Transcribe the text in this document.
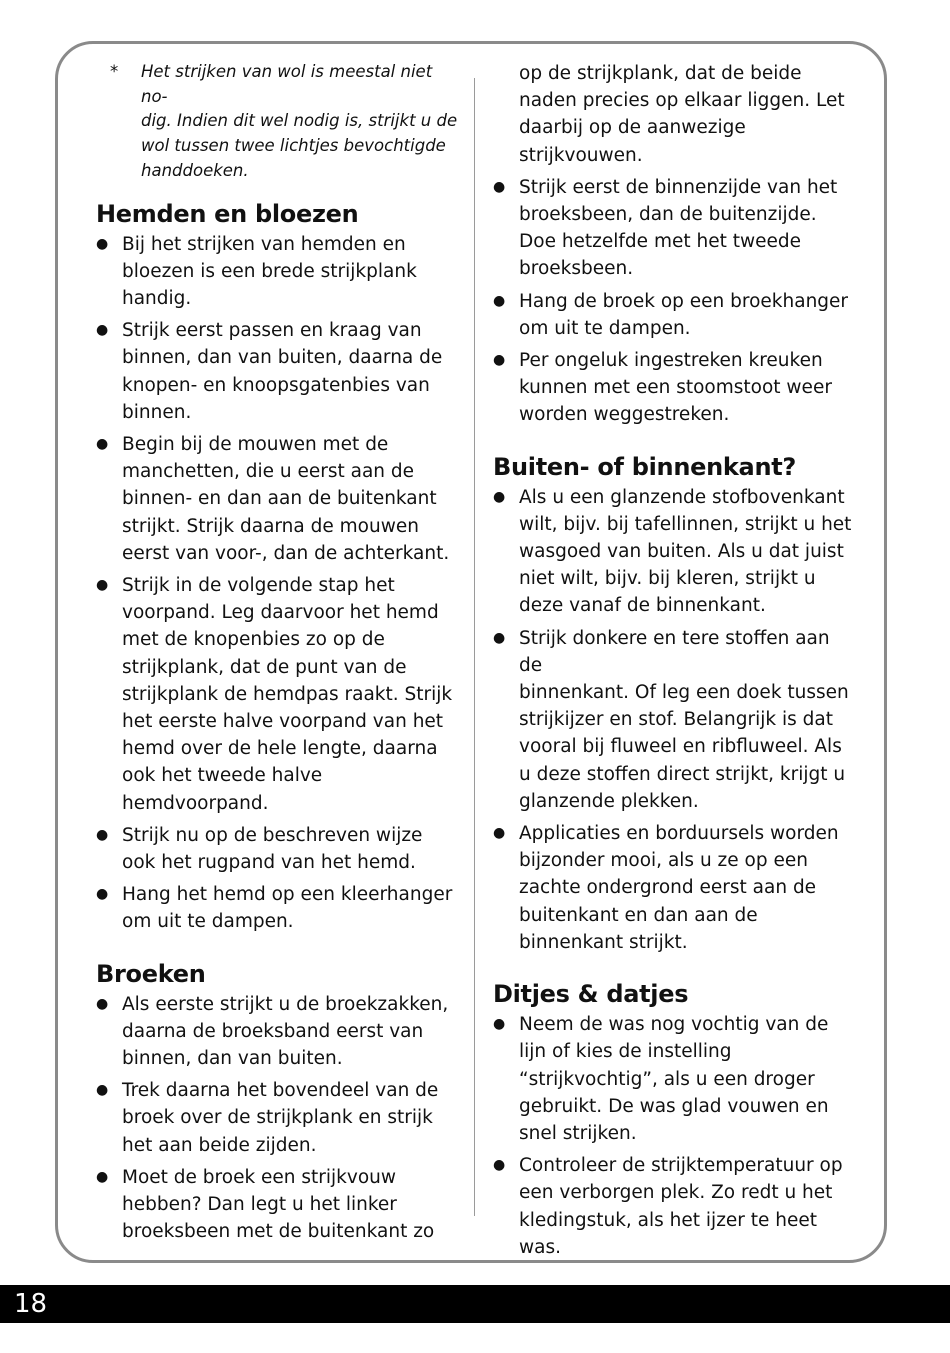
* Het strijken van wol is meestal niet no-
dig. Indien dit wel nodig is, strijkt u de
wol tussen twee lichtjes bevochtigde
handdoeken.
Hemden en bloezen
● Bij het strijken van hemden en
bloezen is een brede strijkplank
handig.
● Strijk eerst passen en kraag van
binnen, dan van buiten, daarna de
knopen- en knoopsgatenbies van
binnen.
● Begin bij de mouwen met de
manchetten, die u eerst aan de
binnen- en dan aan de buitenkant
strijkt. Strijk daarna de mouwen
eerst van voor-, dan de achterkant.
● Strijk in de volgende stap het
voorpand. Leg daarvoor het hemd
met de knopenbies zo op de
strijkplank, dat de punt van de
strijkplank de hemdpas raakt. Strijk
het eerste halve voorpand van het
hemd over de hele lengte, daarna
ook het tweede halve
hemdvoorpand.
● Strijk nu op de beschreven wijze
ook het rugpand van het hemd.
● Hang het hemd op een kleerhanger
om uit te dampen.
Broeken
● Als eerste strijkt u de broekzakken,
daarna de broeksband eerst van
binnen, dan van buiten.
● Trek daarna het bovendeel van de
broek over de strijkplank en strijk
het aan beide zijden.
● Moet de broek een strijkvouw
hebben? Dan legt u het linker
broeksbeen met de buitenkant zo
op de strijkplank, dat de beide
naden precies op elkaar liggen. Let
daarbij op de aanwezige
strijkvouwen.
● Strijk eerst de binnenzijde van het
broeksbeen, dan de buitenzijde.
Doe hetzelfde met het tweede
broeksbeen.
● Hang de broek op een broekhanger
om uit te dampen.
● Per ongeluk ingestreken kreuken
kunnen met een stoomstoot weer
worden weggestreken.
Buiten- of binnenkant?
● Als u een glanzende stofbovenkant
wilt, bijv. bij tafellinnen, strijkt u het
wasgoed van buiten. Als u dat juist
niet wilt, bijv. bij kleren, strijkt u
deze vanaf de binnenkant.
● Strijk donkere en tere stoffen aan de
binnenkant. Of leg een doek tussen
strijkijzer en stof. Belangrijk is dat
vooral bij fluweel en ribfluweel. Als
u deze stoffen direct strijkt, krijgt u
glanzende plekken.
● Applicaties en borduursels worden
bijzonder mooi, als u ze op een
zachte ondergrond eerst aan de
buitenkant en dan aan de
binnenkant strijkt.
Ditjes & datjes
● Neem de was nog vochtig van de
lijn of kies de instelling
“strijkvochtig”, als u een droger
gebruikt. De was glad vouwen en
snel strijken.
● Controleer de strijktemperatuur op
een verborgen plek. Zo redt u het
kledingstuk, als het ijzer te heet
was.
18
